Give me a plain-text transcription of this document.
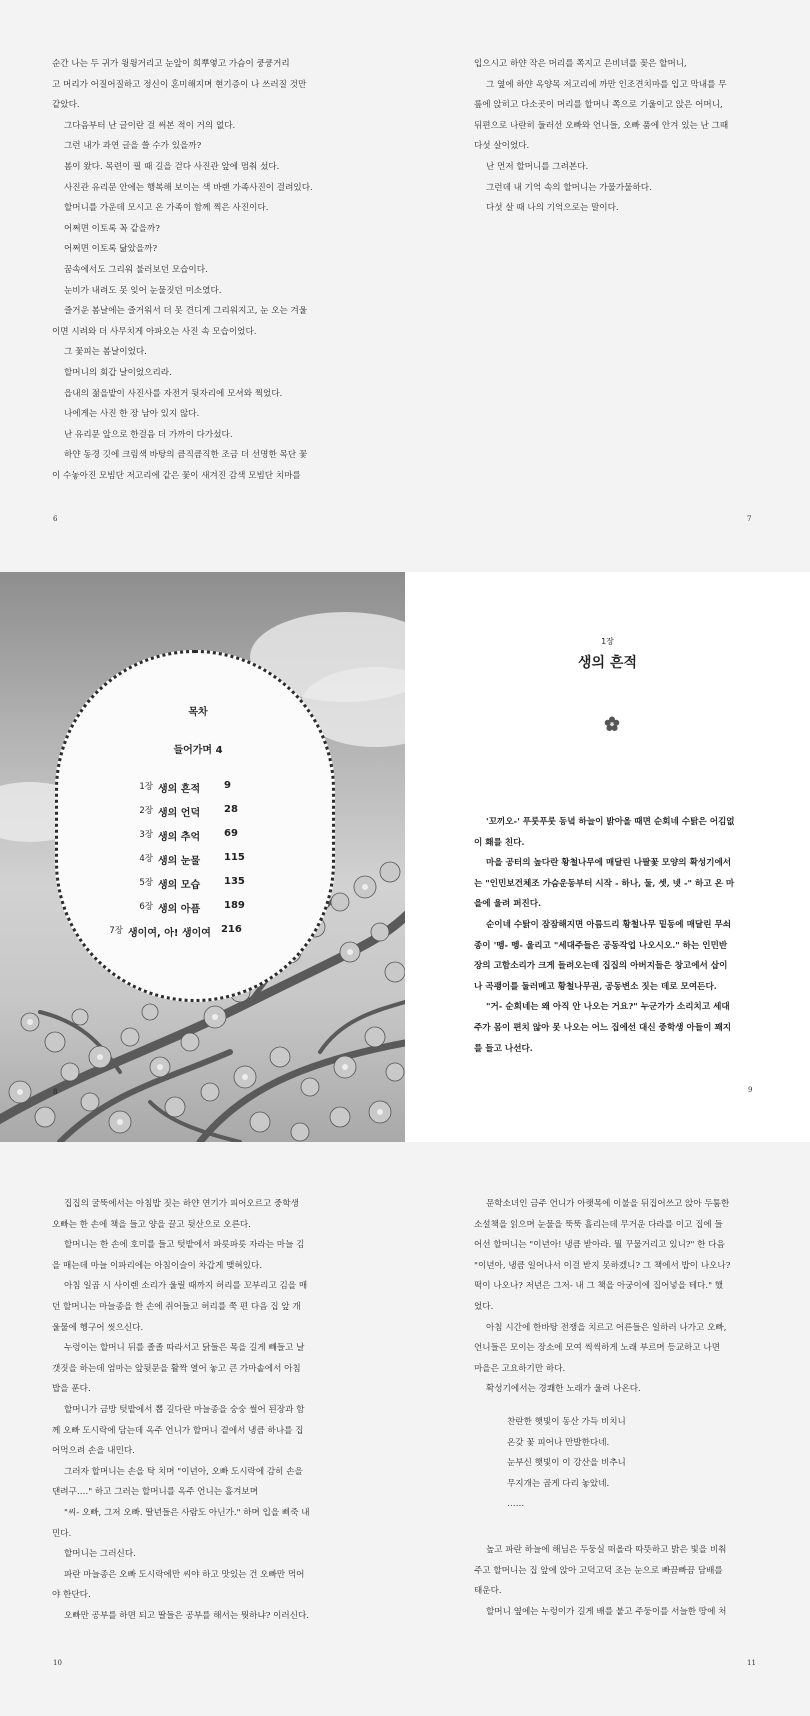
순간 나는 두 귀가 윙윙거리고 눈앞이 희뿌옇고 가슴이 쿵쿵거리

고 머리가 어질어질하고 정신이 혼미해지며 현기증이 나 쓰러질 것만

같았다.

그다음부터 난 글이란 걸 써본 적이 거의 없다.

그런 내가 과연 글을 쓸 수가 있을까?

봄이 왔다. 목련이 필 때 길을 걷다 사진관 앞에 멈춰 섰다.

사진관 유리문 안에는 행복해 보이는 색 바랜 가족사진이 걸려있다.

할머니를 가운데 모시고 온 가족이 함께 찍은 사진이다.

어쩌면 이토록 꼭 같을까?

어쩌면 이토록 닮았을까?

꿈속에서도 그리워 불러보던 모습이다.

눈비가 내려도 못 잊어 눈물짓던 미소였다.

즐거운 봄날에는 즐거워서 더 못 견디게 그리워지고, 눈 오는 겨울

이면 시려와 더 사무치게 아파오는 사진 속 모습이었다.

그 꽃피는 봄날이었다.

할머니의 회갑 날이었으리라.

읍내의 젊을밭이 사진사를 자전거 뒷자리에 모셔와 찍었다.

나에게는 사진 한 장 남아 있지 않다.

난 유리문 앞으로 한걸음 더 가까이 다가섰다.

하얀 동경 깃에 크림색 바탕의 큼직큼직한 조금 더 선명한 목단 꽃

이 수놓아진 모빔단 저고리에 같은 꽃이 새겨진 감색 모빔단 치마를

6

입으시고 하얀 작은 머리를 쪽지고 은비녀를 꽂은 할머니,

그 옆에 하얀 옥양목 저고리에 까만 인조견치마를 입고 막내를 무

릎에 앉히고 다소곳이 머리를 할머니 쪽으로 기울이고 앉은 어머니,

뒤편으로 나란히 둘러선 오빠와 언니들, 오빠 품에 안겨 있는 난 그때

다섯 살이었다.

난 먼저 할머니를 그려본다.

그런데 내 기억 속의 할머니는 가물가물하다.

다섯 살 때 나의 기억으로는 말이다.

7
목차
들어가며 4
1장 생의 흔적	9
2장 생의 언덕	28
3장 생의 추억	69
4장 생의 눈물	115
5장 생의 모습	135
6장 생의 아픔	189
7장 생이여, 아! 생이여	216
8
1장
생의 흔적

'꼬끼오-' 푸룻푸룻 동녘 하늘이 밝아올 때면 순회네 수탉은 어김없

이 홰를 친다.

마을 공터의 높다란 황철나무에 매달린 나팔꽃 모양의 확성기에서

는 "인민보건체조 가슴운동부터 시작 - 하나, 둘, 셋, 넷 -" 하고 온 마

을에 울려 퍼진다.

순이네 수탉이 잠잠해지면 아름드리 황철나무 밑동에 매달린 무쇠

종이 '뗑- 뗑- 울리고 "세대주들은 공동작업 나오시오." 하는 인민반

장의 고함소리가 크게 들려오는데 집집의 아버지들은 창고에서 삽이

나 곡괭이를 둘러메고 황철나무권, 공동변소 짓는 데로 모여든다.

"거- 순회네는 왜 아직 안 나오는 거요?" 누군가가 소리치고 세대

주가 몸이 편치 않아 못 나오는 어느 집에선 대신 중학생 아들이 꽤지

를 들고 나선다.

9

집집의 굴뚝에서는 아침밥 짓는 하얀 연기가 피어오르고 중학생

오빠는 한 손에 책을 들고 양을 끌고 뒷산으로 오른다.

할머니는 한 손에 호미를 들고 텃밭에서 파릇파릇 자라는 마늘 김

을 매는데 마늘 이파리에는 아침이슬이 차갑게 맺혀있다.

아침 일곱 시 사이렌 소리가 울릴 때까지 허리를 꼬부리고 김을 매

던 할머니는 마늘종을 한 손에 쥐어들고 허리를 쭉 편 다음 집 앞 개

울물에 헹구어 씻으신다.

누렁이는 할머니 뒤를 졸졸 따라서고 닭들은 목을 길게 빼들고 날

갯짓을 하는데 엄마는 앞뒷문을 활짝 열어 놓고 큰 가마솥에서 아침

밥을 푼다.

할머니가 금방 텃밭에서 뽑 길다란 마늘종을 숭숭 썰어 된장과 함

께 오빠 도시락에 담는데 옥주 언니가 할머니 곁에서 냉큼 하나를 집

어먹으려 손을 내민다.

그러자 할머니는 손을 탁 치며 "이년아, 오빠 도시락에 감히 손을

댄려구…." 하고 그러는 할머니를 옥주 언니는 흘겨보며

"씨- 오빠, 그저 오빠. 딸년들은 사람도 아닌가." 하며 입을 삐죽 내

민다.

할머니는 그러신다.

파란 마늘종은 오빠 도시락에만 씨야 하고 맛있는 건 오빠만 먹어

야 한단다.

오빠만 공부를 하면 되고 딸들은 공부를 해서는 뭣하냐? 이러신다.

10

문학소녀인 금주 언니가 아랫목에 이불을 뒤집어쓰고 앉아 두툼한

소설책을 읽으며 눈물을 뚝뚝 흘리는데 무거운 다라를 이고 집에 들

어선 할머니는 "이년아! 냉큼 받아라. 뭘 꾸물거리고 있니?" 한 다음

"이년아, 냉큼 일어나서 이걸 받지 못하겠니? 그 책에서 밥이 나오나?

떡이 나오나? 저년은 그저- 내 그 책을 아궁이에 집어넣을 테다." 했

었다.

아침 시간에 한바탕 전쟁을 치르고 어른들은 일하러 나가고 오빠,

언니들은 모이는 장소에 모여 씩씩하게 노래 부르며 등교하고 나면

마을은 고요하기만 하다.

확성기에서는 경쾌한 노래가 울려 나온다.

찬란한 햇빛이 동산 가득 비치니

온갖 꽃 피어나 만발한다네.

눈부신 햇빛이 이 강산을 비추니

무지개는 곱게 다리 놓았네.

……

높고 파란 하늘에 해님은 두둥실 떠올라 따뜻하고 밝은 빛을 비춰

주고 할머니는 집 앞에 앉아 고덕고덕 조는 눈으로 빠끔빠끔 담배를

태운다.

할머니 옆에는 누렁이가 길게 배를 붙고 주둥이를 서늘한 땅에 처

11
